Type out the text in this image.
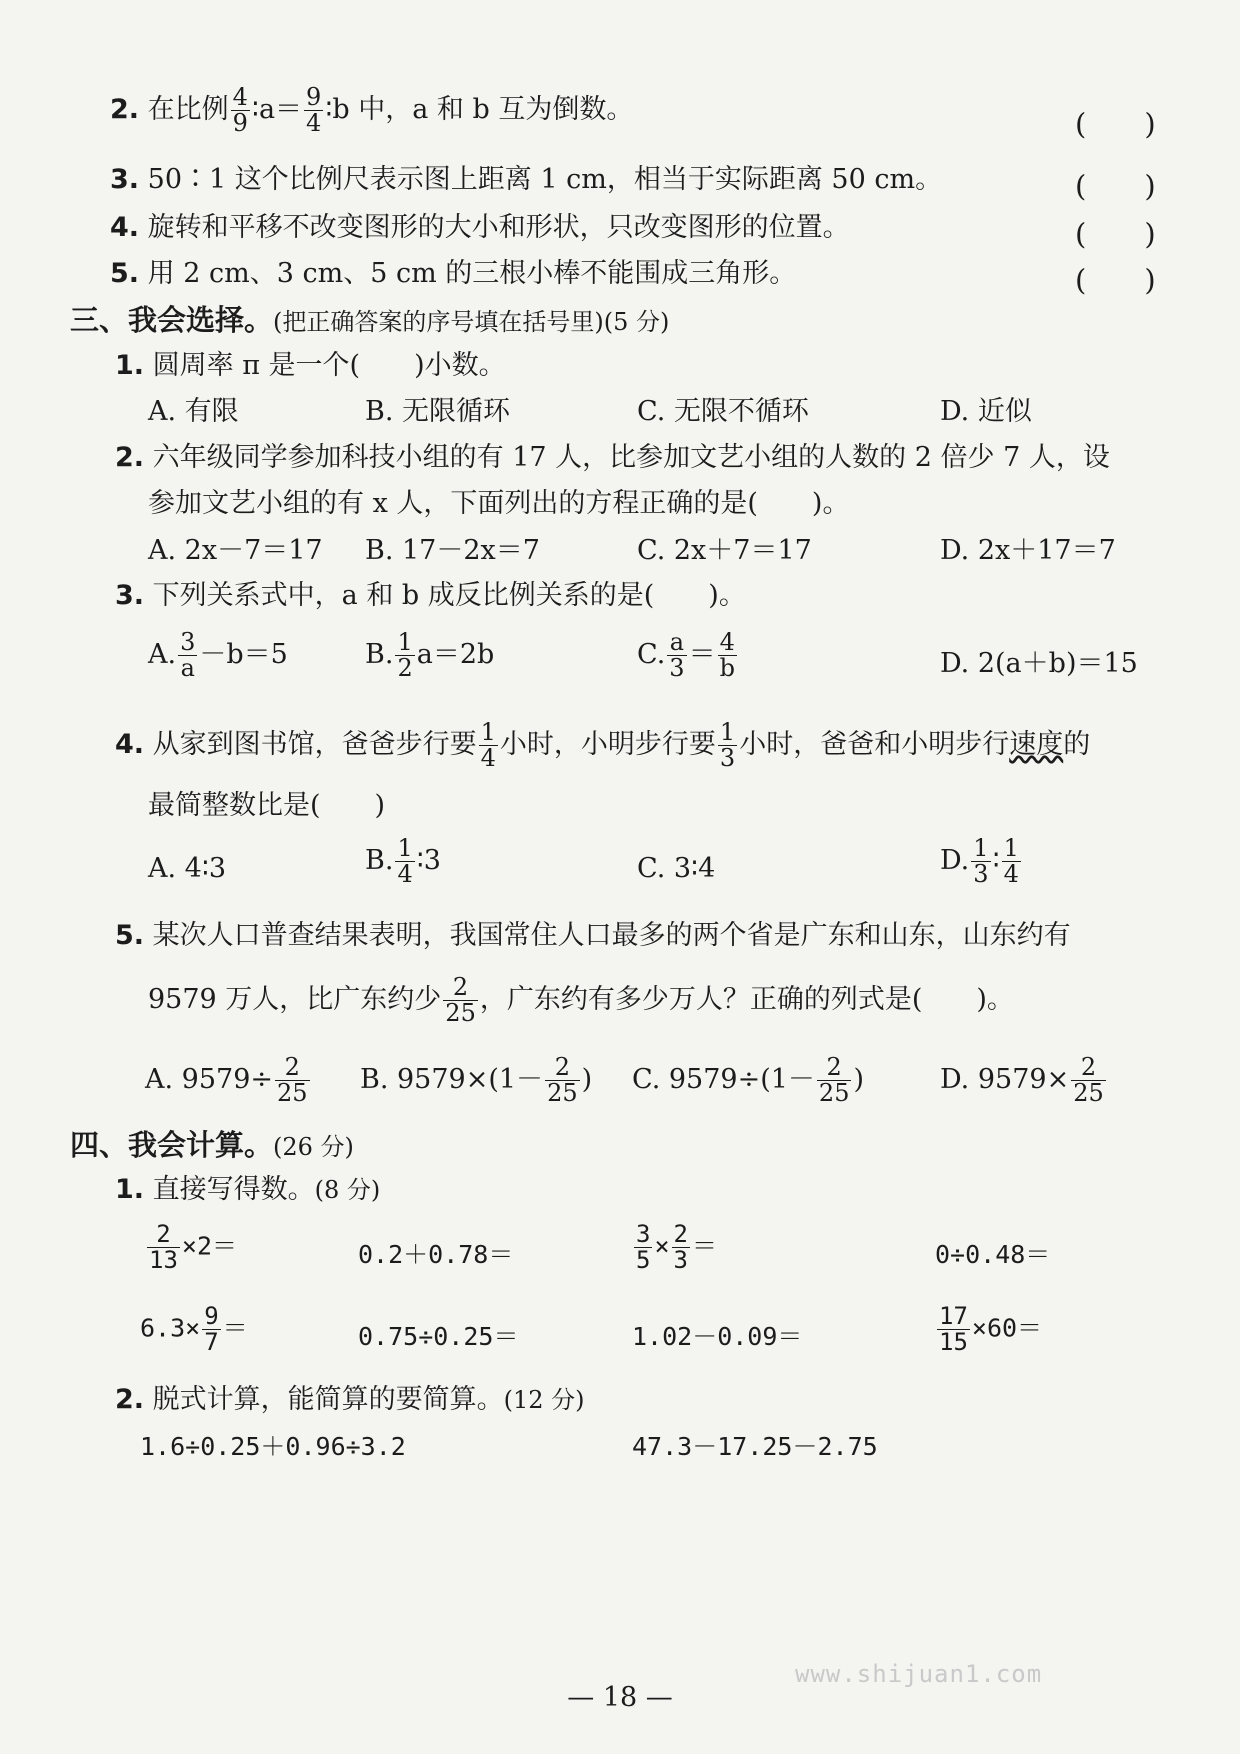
2. 在比例 $\frac{4}{9}$ ∶a＝ $\frac{9}{4}$ ∶b 中，a 和 b 互为倒数。	(　　)
3. 50∶1 这个比例尺表示图上距离 1 cm，相当于实际距离 50 cm。	(　　)
4. 旋转和平移不改变图形的大小和形状，只改变图形的位置。	(　　)
5. 用 2 cm、3 cm、5 cm 的三根小棒不能围成三角形。	(　　)
三、我会选择。(把正确答案的序号填在括号里)(5 分)
1. 圆周率 π 是一个(　　)小数。
A. 有限	B. 无限循环	C. 无限不循环	D. 近似
2. 六年级同学参加科技小组的有 17 人，比参加文艺小组的人数的 2 倍少 7 人，设
参加文艺小组的有 x 人，下面列出的方程正确的是(　　)。
A. 2x－7＝17 B. 17－2x＝7	C. 2x＋7＝17	D. 2x＋17＝7
3. 下列关系式中，a 和 b 成反比例关系的是(　　)。
A. $\frac{3}{a} -b=5$	B. $\frac{1}{2} a=2b$	C. $\frac{a}{3} = \frac{4}{b}$	D. 2(a＋b)＝15
4. 从家到图书馆，爸爸步行要 $\frac{1}{4}$ 小时，小明步行要 $\frac{1}{3}$ 小时，爸爸和小明步行速度的
最简整数比是(　　)
A. 4∶3	B. $\frac{1}{4}$ ∶3	C. 3∶4	D. $\frac{1}{3}$ ∶ $\frac{1}{4}$
5. 某次人口普查结果表明，我国常住人口最多的两个省是广东和山东，山东约有
9579 万人，比广东约少 $\frac{2}{25}$ ，广东约有多少万人？正确的列式是(　　)。
A. $9579\div \frac{2}{25} B$. $9579\times(1- \frac{2}{25}$ ) C. $9579\div(1- \frac{2}{25}$ )	D. $9579\times \frac{2}{25}$
四、我会计算。(26 分)
1. 直接写得数。(8 分)
$\frac{2}{13} \times 2=$	0.2＋0.78＝	$\frac{3}{5} \times \frac{2}{3}$ ＝	0÷0.48＝
$6.3\times \frac{9}{7}$ ＝	0.75÷0.25＝	1.02－0.09＝	$\frac{17}{15} \times 60=$
2. 脱式计算，能简算的要简算。(12 分)
1.6÷0.25＋0.96÷3.2	47.3－17.25－2.75
— 18 —
www.shijuan1.com
